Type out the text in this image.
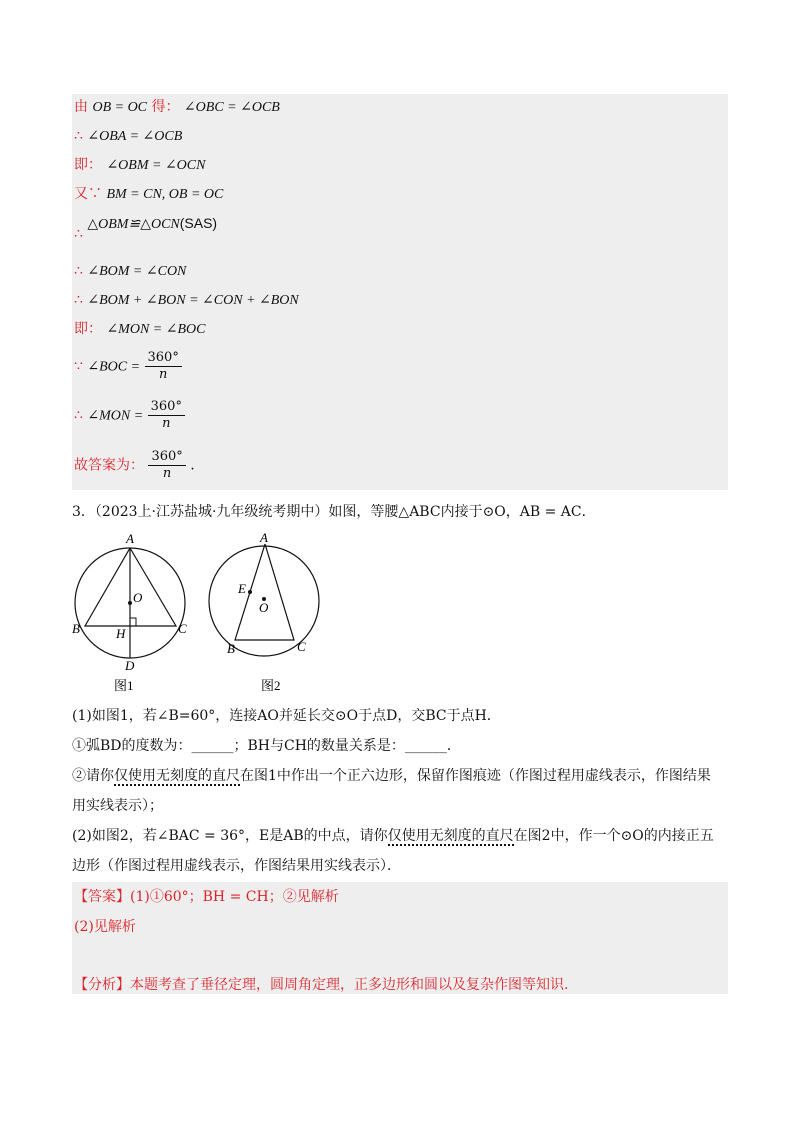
由 OB = OC 得： ∠OBC = ∠OCB
∴ ∠OBA = ∠OCB
即： ∠OBM = ∠OCN
又∵ BM = CN, OB = OC
∴ △OBM≌△OCN(SAS)
∴ ∠BOM = ∠CON
∴ ∠BOM + ∠BON = ∠CON + ∠BON
即： ∠MON = ∠BOC
∵ ∠BOC = $\frac{360^\circ}{n}$
∴ ∠MON = $\frac{360^\circ}{n}$
故答案为： $\frac{360^\circ}{n}$ .
3．（2023上·江苏盐城·九年级统考期中）如图，等腰△ABC内接于⊙O，AB = AC．
A
B	C
O
H
D
图1
A
E
O
B	C
图2
(1)如图1，若∠B=60°，连接AO并延长交⊙O于点D，交BC于点H．
①弧BD的度数为：______；BH与CH的数量关系是：______．
②请你仅使用无刻度的直尺在图1中作出一个正六边形，保留作图痕迹（作图过程用虚线表示，作图结果
用实线表示）；
(2)如图2，若∠BAC = 36°，E是AB的中点，请你仅使用无刻度的直尺在图2中，作一个⊙O的内接正五
边形（作图过程用虚线表示，作图结果用实线表示）．
【答案】(1)①60°；BH = CH；②见解析
(2)见解析
【分析】本题考查了垂径定理，圆周角定理，正多边形和圆以及复杂作图等知识.
